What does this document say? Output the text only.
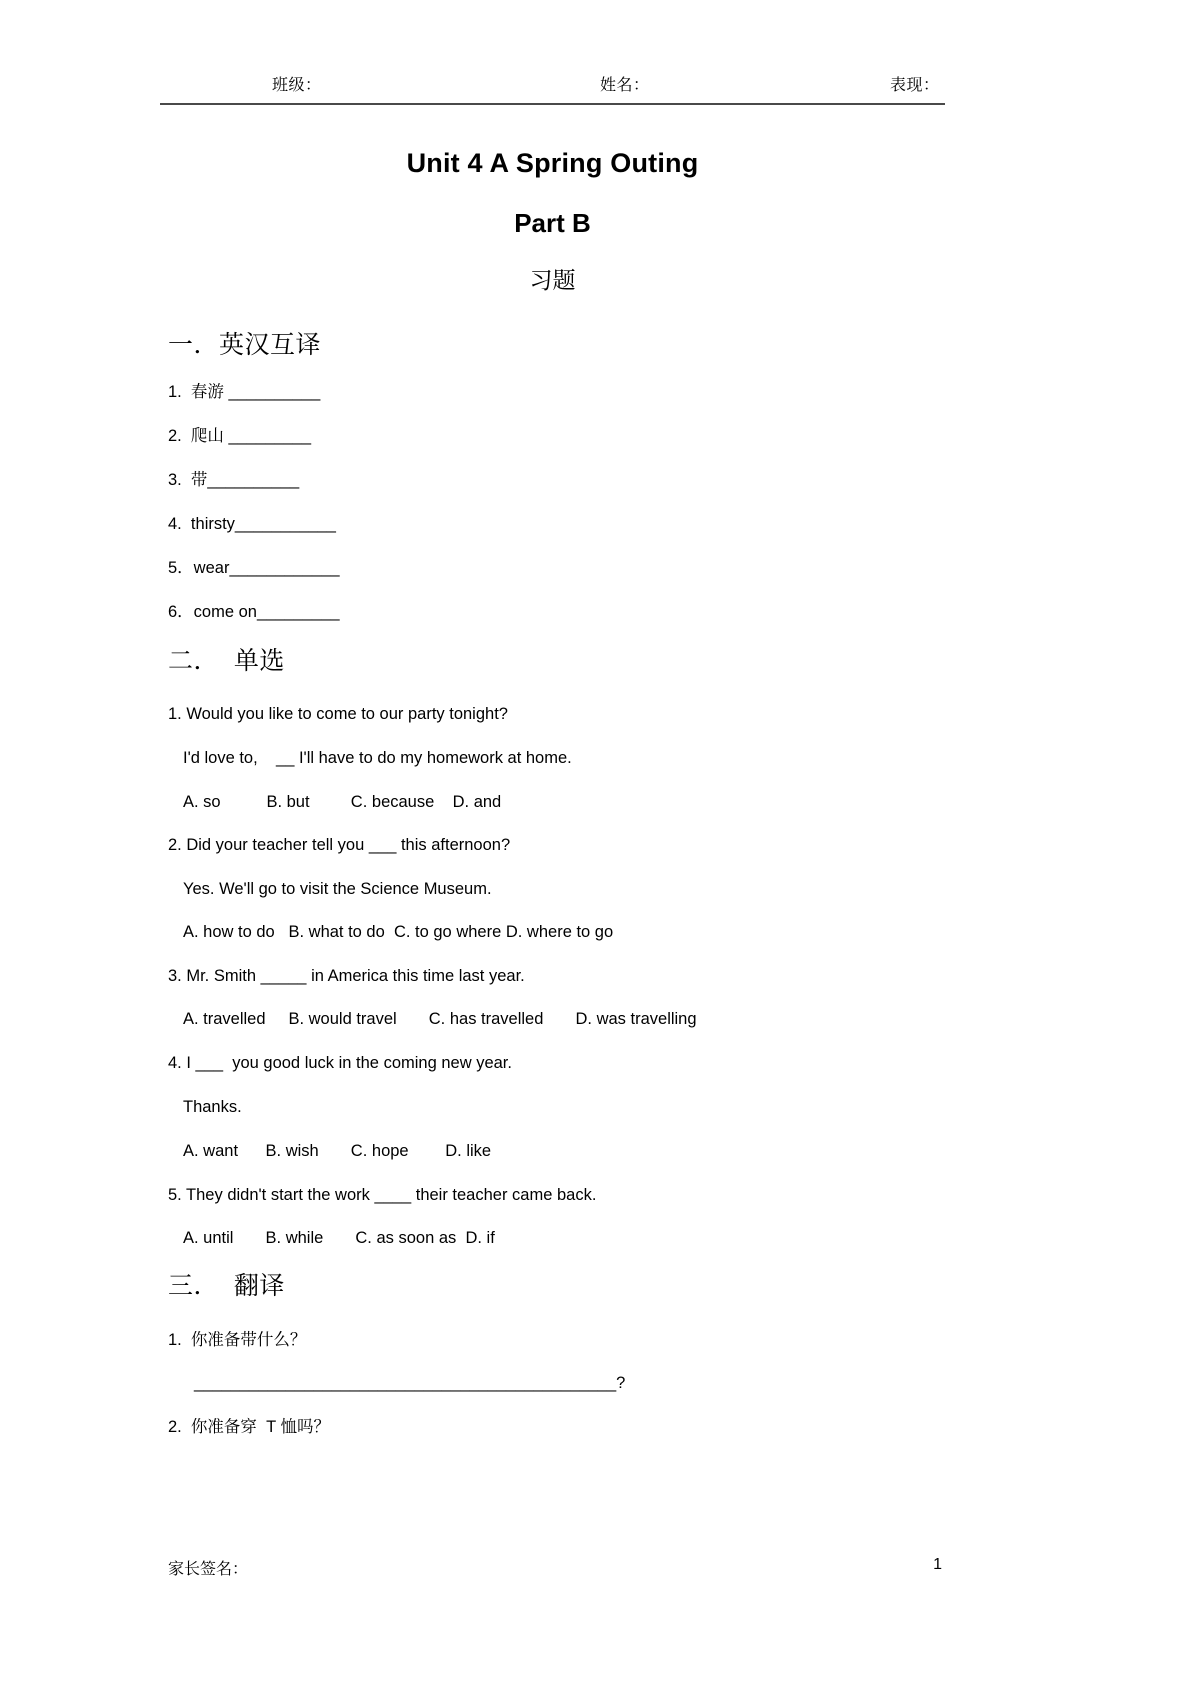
班级：	姓名：	表现：
Unit 4 A Spring Outing
Part B
习题
一．英汉互译
1.  春游 __________
2.  爬山 _________
3.  带__________
4.  thirsty___________
5．wear____________
6．come on_________
二．  单选
1. Would you like to come to our party tonight?
I'd love to,    __ I'll have to do my homework at home.
A. so          B. but         C. because    D. and
2. Did your teacher tell you ___ this afternoon?
Yes. We'll go to visit the Science Museum.
A. how to do   B. what to do  C. to go where D. where to go
3. Mr. Smith _____ in America this time last year.
A. travelled     B. would travel       C. has travelled       D. was travelling
4. I ___  you good luck in the coming new year.
Thanks.
A. want      B. wish       C. hope        D. like
5. They didn't start the work ____ their teacher came back.
A. until       B. while       C. as soon as  D. if
三．  翻译
1.  你准备带什么？
______________________________________________?
2.  你准备穿  T 恤吗？
家长签名：	1
